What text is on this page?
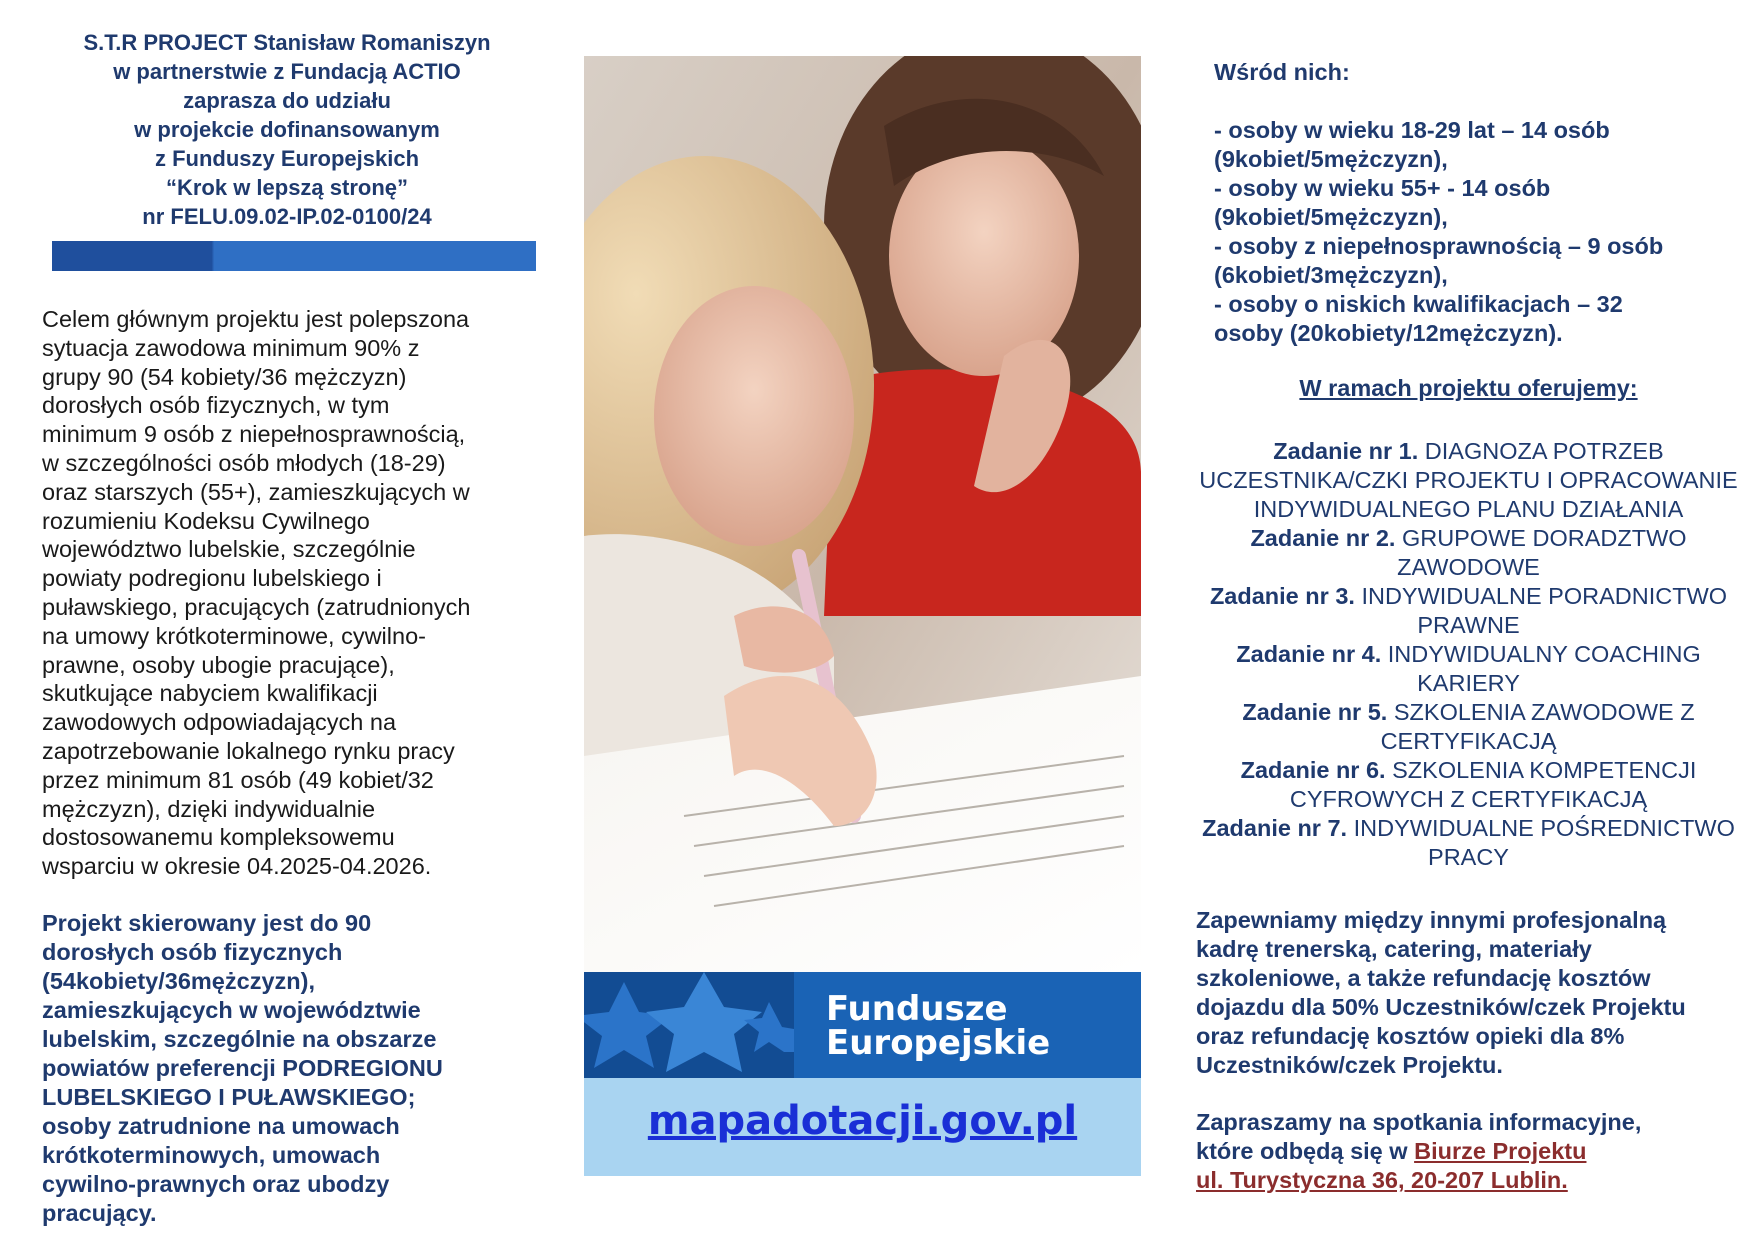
S.T.R PROJECT Stanisław Romaniszyn
w partnerstwie z Fundacją ACTIO
zaprasza do udziału
w projekcie dofinansowanym
z Funduszy Europejskich
“Krok w lepszą stronę”
nr FELU.09.02-IP.02-0100/24
Celem głównym projektu jest polepszona
sytuacja zawodowa minimum 90% z
grupy 90 (54 kobiety/36 mężczyzn)
dorosłych osób fizycznych, w tym
minimum 9 osób z niepełnosprawnością,
w szczególności osób młodych (18-29)
oraz starszych (55+), zamieszkujących w
rozumieniu Kodeksu Cywilnego
województwo lubelskie, szczególnie
powiaty podregionu lubelskiego i
puławskiego, pracujących (zatrudnionych
na umowy krótkoterminowe, cywilno-
prawne, osoby ubogie pracujące),
skutkujące nabyciem kwalifikacji
zawodowych odpowiadających na
zapotrzebowanie lokalnego rynku pracy
przez minimum 81 osób (49 kobiet/32
mężczyzn), dzięki indywidualnie
dostosowanemu kompleksowemu
wsparciu w okresie 04.2025-04.2026.
Projekt skierowany jest do 90
dorosłych osób fizycznych
(54kobiety/36mężczyzn),
zamieszkujących w województwie
lubelskim, szczególnie na obszarze
powiatów preferencji PODREGIONU
LUBELSKIEGO I PUŁAWSKIEGO;
osoby zatrudnione na umowach
krótkoterminowych, umowach
cywilno-prawnych oraz ubodzy
pracujący.
Fundusze
Europejskie
mapadotacji.gov.pl
Wśród nich:
- osoby w wieku 18-29 lat – 14 osób
(9kobiet/5mężczyzn),
- osoby w wieku 55+ - 14 osób
(9kobiet/5mężczyzn),
- osoby z niepełnosprawnością – 9 osób
(6kobiet/3mężczyzn),
- osoby o niskich kwalifikacjach – 32
osoby (20kobiety/12mężczyzn).
W ramach projektu oferujemy:
Zadanie nr 1. DIAGNOZA POTRZEB UCZESTNIKA/CZKI PROJEKTU I OPRACOWANIE INDYWIDUALNEGO PLANU DZIAŁANIA
Zadanie nr 2. GRUPOWE DORADZTWO ZAWODOWE
Zadanie nr 3. INDYWIDUALNE PORADNICTWO PRAWNE
Zadanie nr 4. INDYWIDUALNY COACHING KARIERY
Zadanie nr 5. SZKOLENIA ZAWODOWE Z CERTYFIKACJĄ
Zadanie nr 6. SZKOLENIA KOMPETENCJI CYFROWYCH Z CERTYFIKACJĄ
Zadanie nr 7. INDYWIDUALNE POŚREDNICTWO PRACY
Zapewniamy między innymi profesjonalną
kadrę trenerską, catering, materiały
szkoleniowe, a także refundację kosztów
dojazdu dla 50% Uczestników/czek Projektu
oraz refundację kosztów opieki dla 8%
Uczestników/czek Projektu.
Zapraszamy na spotkania informacyjne,
które odbędą się w Biurze Projektu
ul. Turystyczna 36, 20-207 Lublin.
